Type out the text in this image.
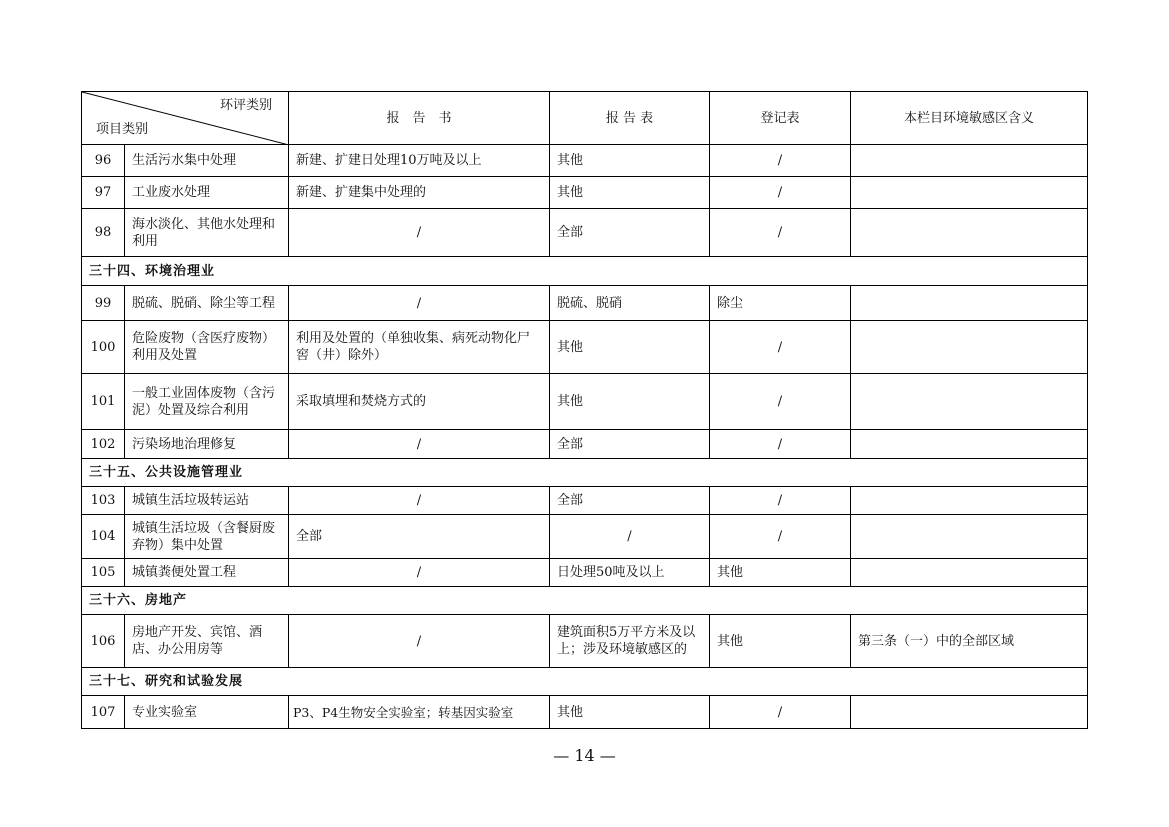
环评类别
项目类别		报　告　书	报 告 表	登记表	本栏目环境敏感区含义
96	生活污水集中处理	新建、扩建日处理10万吨及以上	其他	/	
97	工业废水处理	新建、扩建集中处理的	其他	/	
98	海水淡化、其他水处理和利用	/	全部	/	
三十四、环境治理业					
99	脱硫、脱硝、除尘等工程	/	脱硫、脱硝	除尘	
100	危险废物（含医疗废物）利用及处置	利用及处置的（单独收集、病死动物化尸窖（井）除外）	其他	/	
101	一般工业固体废物（含污泥）处置及综合利用	采取填埋和焚烧方式的	其他	/	
102	污染场地治理修复	/	全部	/	
三十五、公共设施管理业					
103	城镇生活垃圾转运站	/	全部	/	
104	城镇生活垃圾（含餐厨废弃物）集中处置	全部	/	/	
105	城镇粪便处置工程	/	日处理50吨及以上	其他	
三十六、房地产					
106	房地产开发、宾馆、酒店、办公用房等	/	建筑面积5万平方米及以上；涉及环境敏感区的	其他	第三条（一）中的全部区域
三十七、研究和试验发展					
107	专业实验室	P3、P4生物安全实验室；转基因实验室	其他	/	
— 14 —
